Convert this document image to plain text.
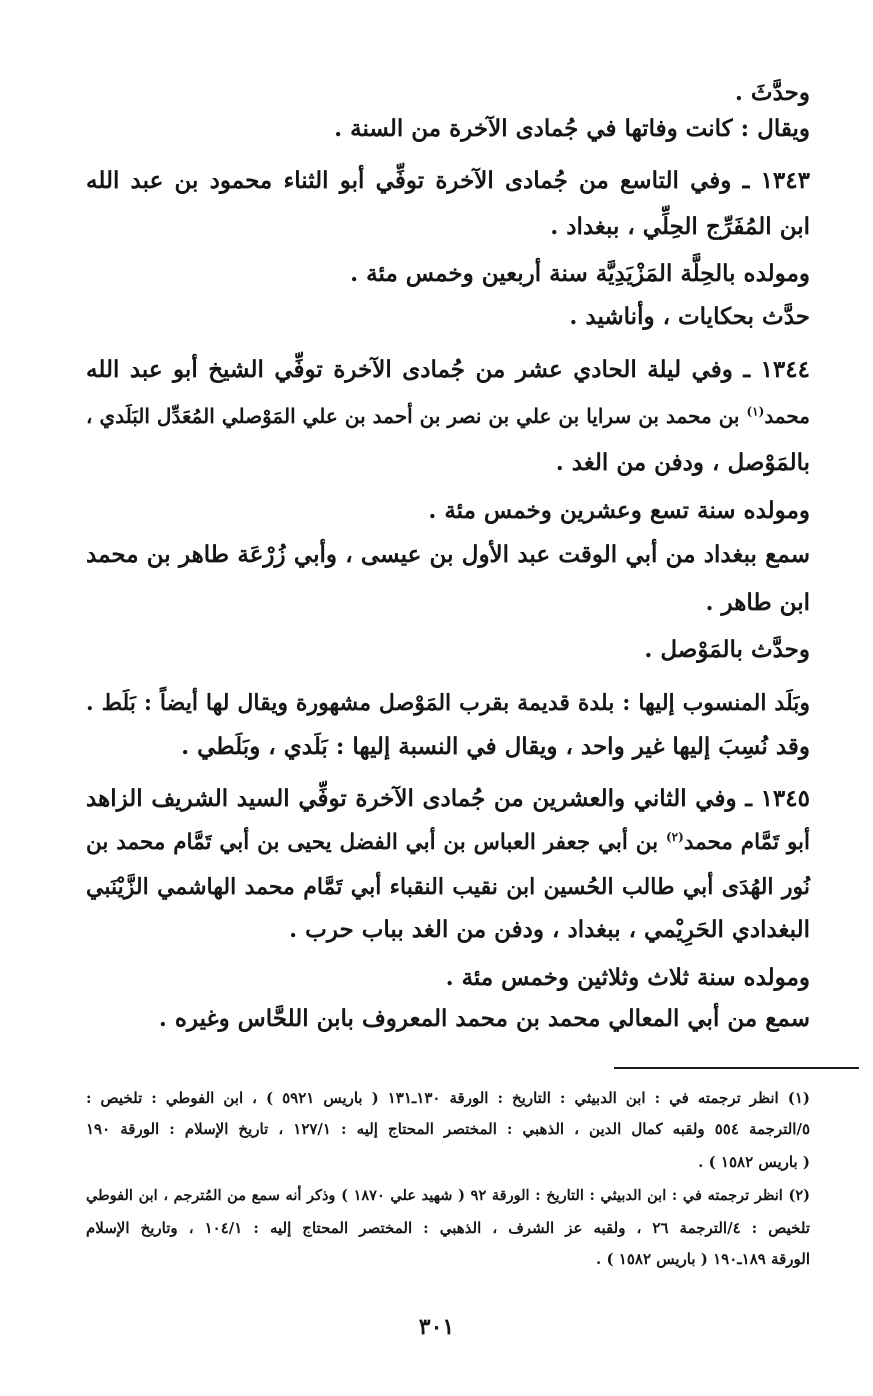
وحدَّثَ .
ويقال : كانت وفاتها في جُمادى الآخرة من السنة .
١٣٤٣ ـ وفي التاسع من جُمادى الآخرة توفِّي أبو الثناء محمود بن عبد الله
ابن المُفَرِّج الحِلِّي ، ببغداد .
ومولده بالحِلَّة المَزْيَدِيَّة سنة أربعين وخمس مئة .
حدَّث بحكايات ، وأناشيد .
١٣٤٤ ـ وفي ليلة الحادي عشر من جُمادى الآخرة توفِّي الشيخ أبو عبد الله
محمد$^{(١)}$ بن محمد بن سرايا بن علي بن نصر بن أحمد بن علي المَوْصلي المُعَدِّل البَلَدي ،
بالمَوْصل ، ودفن من الغد .
ومولده سنة تسع وعشرين وخمس مئة .
سمع ببغداد من أبي الوقت عبد الأول بن عيسى ، وأبي زُرْعَة طاهر بن محمد
ابن طاهر .
وحدَّث بالمَوْصل .
وبَلَد المنسوب إليها : بلدة قديمة بقرب المَوْصل مشهورة ويقال لها أيضاً : بَلَط .
وقد نُسِبَ إليها غير واحد ، ويقال في النسبة إليها : بَلَدي ، وبَلَطي .
١٣٤٥ ـ وفي الثاني والعشرين من جُمادى الآخرة توفِّي السيد الشريف الزاهد
أبو تَمَّام محمد$^{(٢)}$ بن أبي جعفر العباس بن أبي الفضل يحيى بن أبي تَمَّام محمد بن
نُور الهُدَى أبي طالب الحُسين ابن نقيب النقباء أبي تَمَّام محمد الهاشمي الزَّيْنَبي
البغدادي الحَرِيْمي ، ببغداد ، ودفن من الغد بباب حرب .
ومولده سنة ثلاث وثلاثين وخمس مئة .
سمع من أبي المعالي محمد بن محمد المعروف بابن اللحَّاس وغيره .
(١) انظر ترجمته في : ابن الدبيثي : التاريخ : الورقة ١٣٠ـ١٣١ ( باريس ٥٩٢١ ) ، ابن الفوطي : تلخيص :
٥/الترجمة ٥٥٤ ولقبه كمال الدين ، الذهبي : المختصر المحتاج إليه : ١٢٧/١ ، تاريخ الإسلام : الورقة ١٩٠
( باريس ١٥٨٢ ) .
(٢) انظر ترجمته في : ابن الدبيثي : التاريخ : الورقة ٩٢ ( شهيد علي ١٨٧٠ ) وذكر أنه سمع من المُترجم ، ابن الفوطي
تلخيص : ٤/الترجمة ٢٦ ، ولقبه عز الشرف ، الذهبي : المختصر المحتاج إليه : ١٠٤/١ ، وتاريخ الإسلام
الورقة ١٨٩ـ١٩٠ ( باريس ١٥٨٢ ) .
٣٠١
